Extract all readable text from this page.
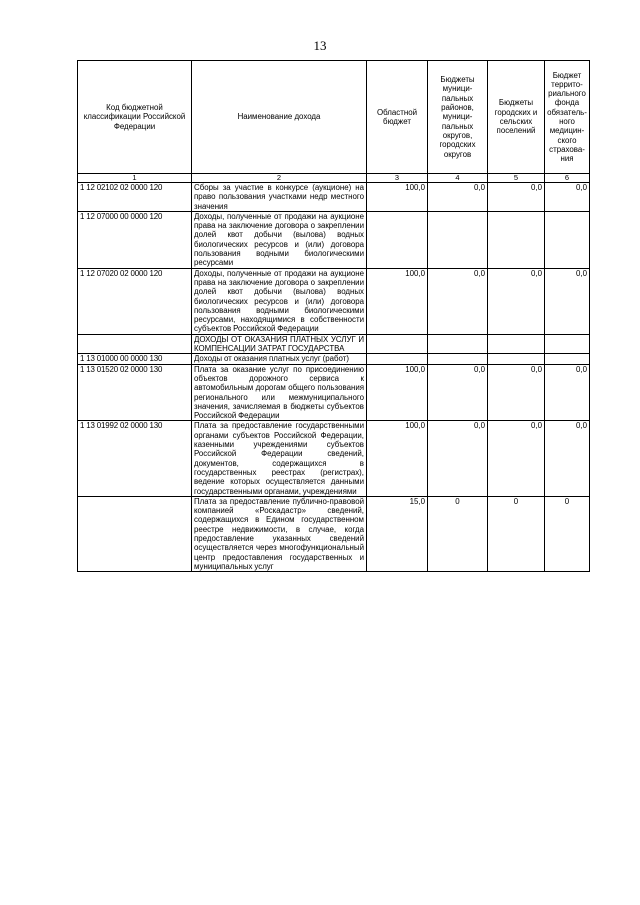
13
Код бюджетной классификации Российской Федерации	Наименование дохода	Областной бюджет	Бюджеты муници-пальных районов, муници-пальных округов, городских округов	Бюджеты городских и сельских поселений	Бюджет террито-риального фонда обязатель-ного медицин-ского страхова-ния
1	2	3	4	5	6
1 12 02102 02 0000 120	Сборы за участие в конкурсе (аукционе) на право пользования участками недр местного значения	100,0	0,0	0,0	0,0
1 12 07000 00 0000 120	Доходы, полученные от продажи на аукционе права на заключение договора о закреплении долей квот добычи (вылова) водных биологических ресурсов и (или) договора пользования водными биологическими ресурсами				
1 12 07020 02 0000 120	Доходы, полученные от продажи на аукционе права на заключение договора о закреплении долей квот добычи (вылова) водных биологических ресурсов и (или) договора пользования водными биологическими ресурсами, находящимися в собственности субъектов Российской Федерации	100,0	0,0	0,0	0,0
	ДОХОДЫ ОТ ОКАЗАНИЯ ПЛАТНЫХ УСЛУГ И КОМПЕНСАЦИИ ЗАТРАТ ГОСУДАРСТВА				
1 13 01000 00 0000 130	Доходы от оказания платных услуг (работ)				
1 13 01520 02 0000 130	Плата за оказание услуг по присоединению объектов дорожного сервиса к автомобильным дорогам общего пользования регионального или межмуниципального значения, зачисляемая в бюджеты субъектов Российской Федерации	100,0	0,0	0,0	0,0
1 13 01992 02 0000 130	Плата за предоставление государственными органами субъектов Российской Федерации, казенными учреждениями субъектов Российской Федерации сведений, документов, содержащихся в государственных реестрах (регистрах), ведение которых осуществляется данными государственными органами, учреждениями	100,0	0,0	0,0	0,0
	Плата за предоставление публично-правовой компанией «Роскадастр» сведений, содержащихся в Едином государственном реестре недвижимости, в случае, когда предоставление указанных сведений осуществляется через многофункциональный центр предоставления государственных и муниципальных услуг	15,0	0	0	0
